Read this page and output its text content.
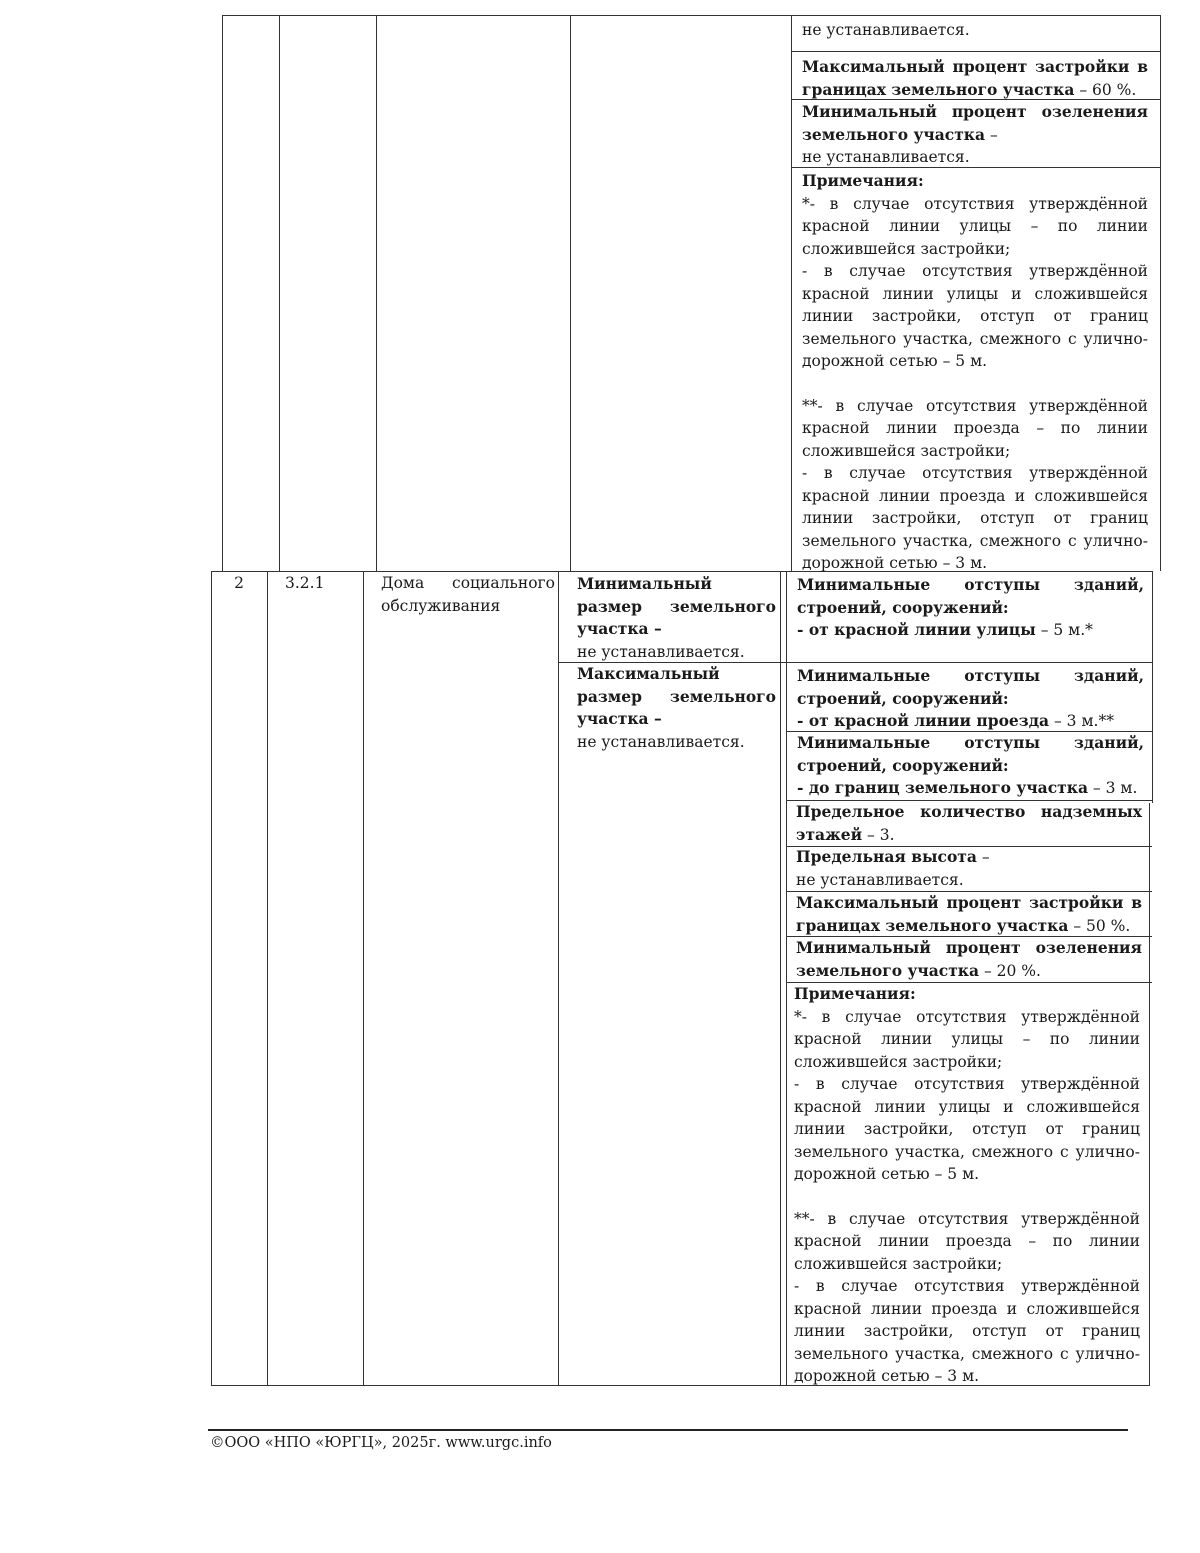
не устанавливается.
Максимальный процент застройки в границах земельного участка – 60 %.
Минимальный процент озеленения земельного участка –
не устанавливается.

Примечания:

*- в случае отсутствия утверждённой красной линии улицы – по линии сложившейся застройки;

- в случае отсутствия утверждённой красной линии улицы и сложившейся линии застройки, отступ от границ земельного участка, смежного с улично-дорожной сетью – 5 м.

**- в случае отсутствия утверждённой красной линии проезда – по линии сложившейся застройки;

- в случае отсутствия утверждённой красной линии проезда и сложившейся линии застройки, отступ от границ земельного участка, смежного с улично-дорожной сетью – 3 м.

2	3.2.1	Дома социального обслуживания
Минимальный размер земельного участка –
не устанавливается.
Максимальный размер земельного участка –
не устанавливается.
Минимальные отступы зданий, строений, сооружений:
- от красной линии улицы – 5 м.*
Минимальные отступы зданий, строений, сооружений:
- от красной линии проезда – 3 м.**
Минимальные отступы зданий, строений, сооружений:
- до границ земельного участка – 3 м.
Предельное количество надземных этажей – 3.
Предельная высота –
не устанавливается.
Максимальный процент застройки в границах земельного участка – 50 %.
Минимальный процент озеленения земельного участка – 20 %.

Примечания:

*- в случае отсутствия утверждённой красной линии улицы – по линии сложившейся застройки;

- в случае отсутствия утверждённой красной линии улицы и сложившейся линии застройки, отступ от границ земельного участка, смежного с улично-дорожной сетью – 5 м.

**- в случае отсутствия утверждённой красной линии проезда – по линии сложившейся застройки;

- в случае отсутствия утверждённой красной линии проезда и сложившейся линии застройки, отступ от границ земельного участка, смежного с улично-дорожной сетью – 3 м.

©ООО «НПО «ЮРГЦ», 2025г. www.urgc.info
